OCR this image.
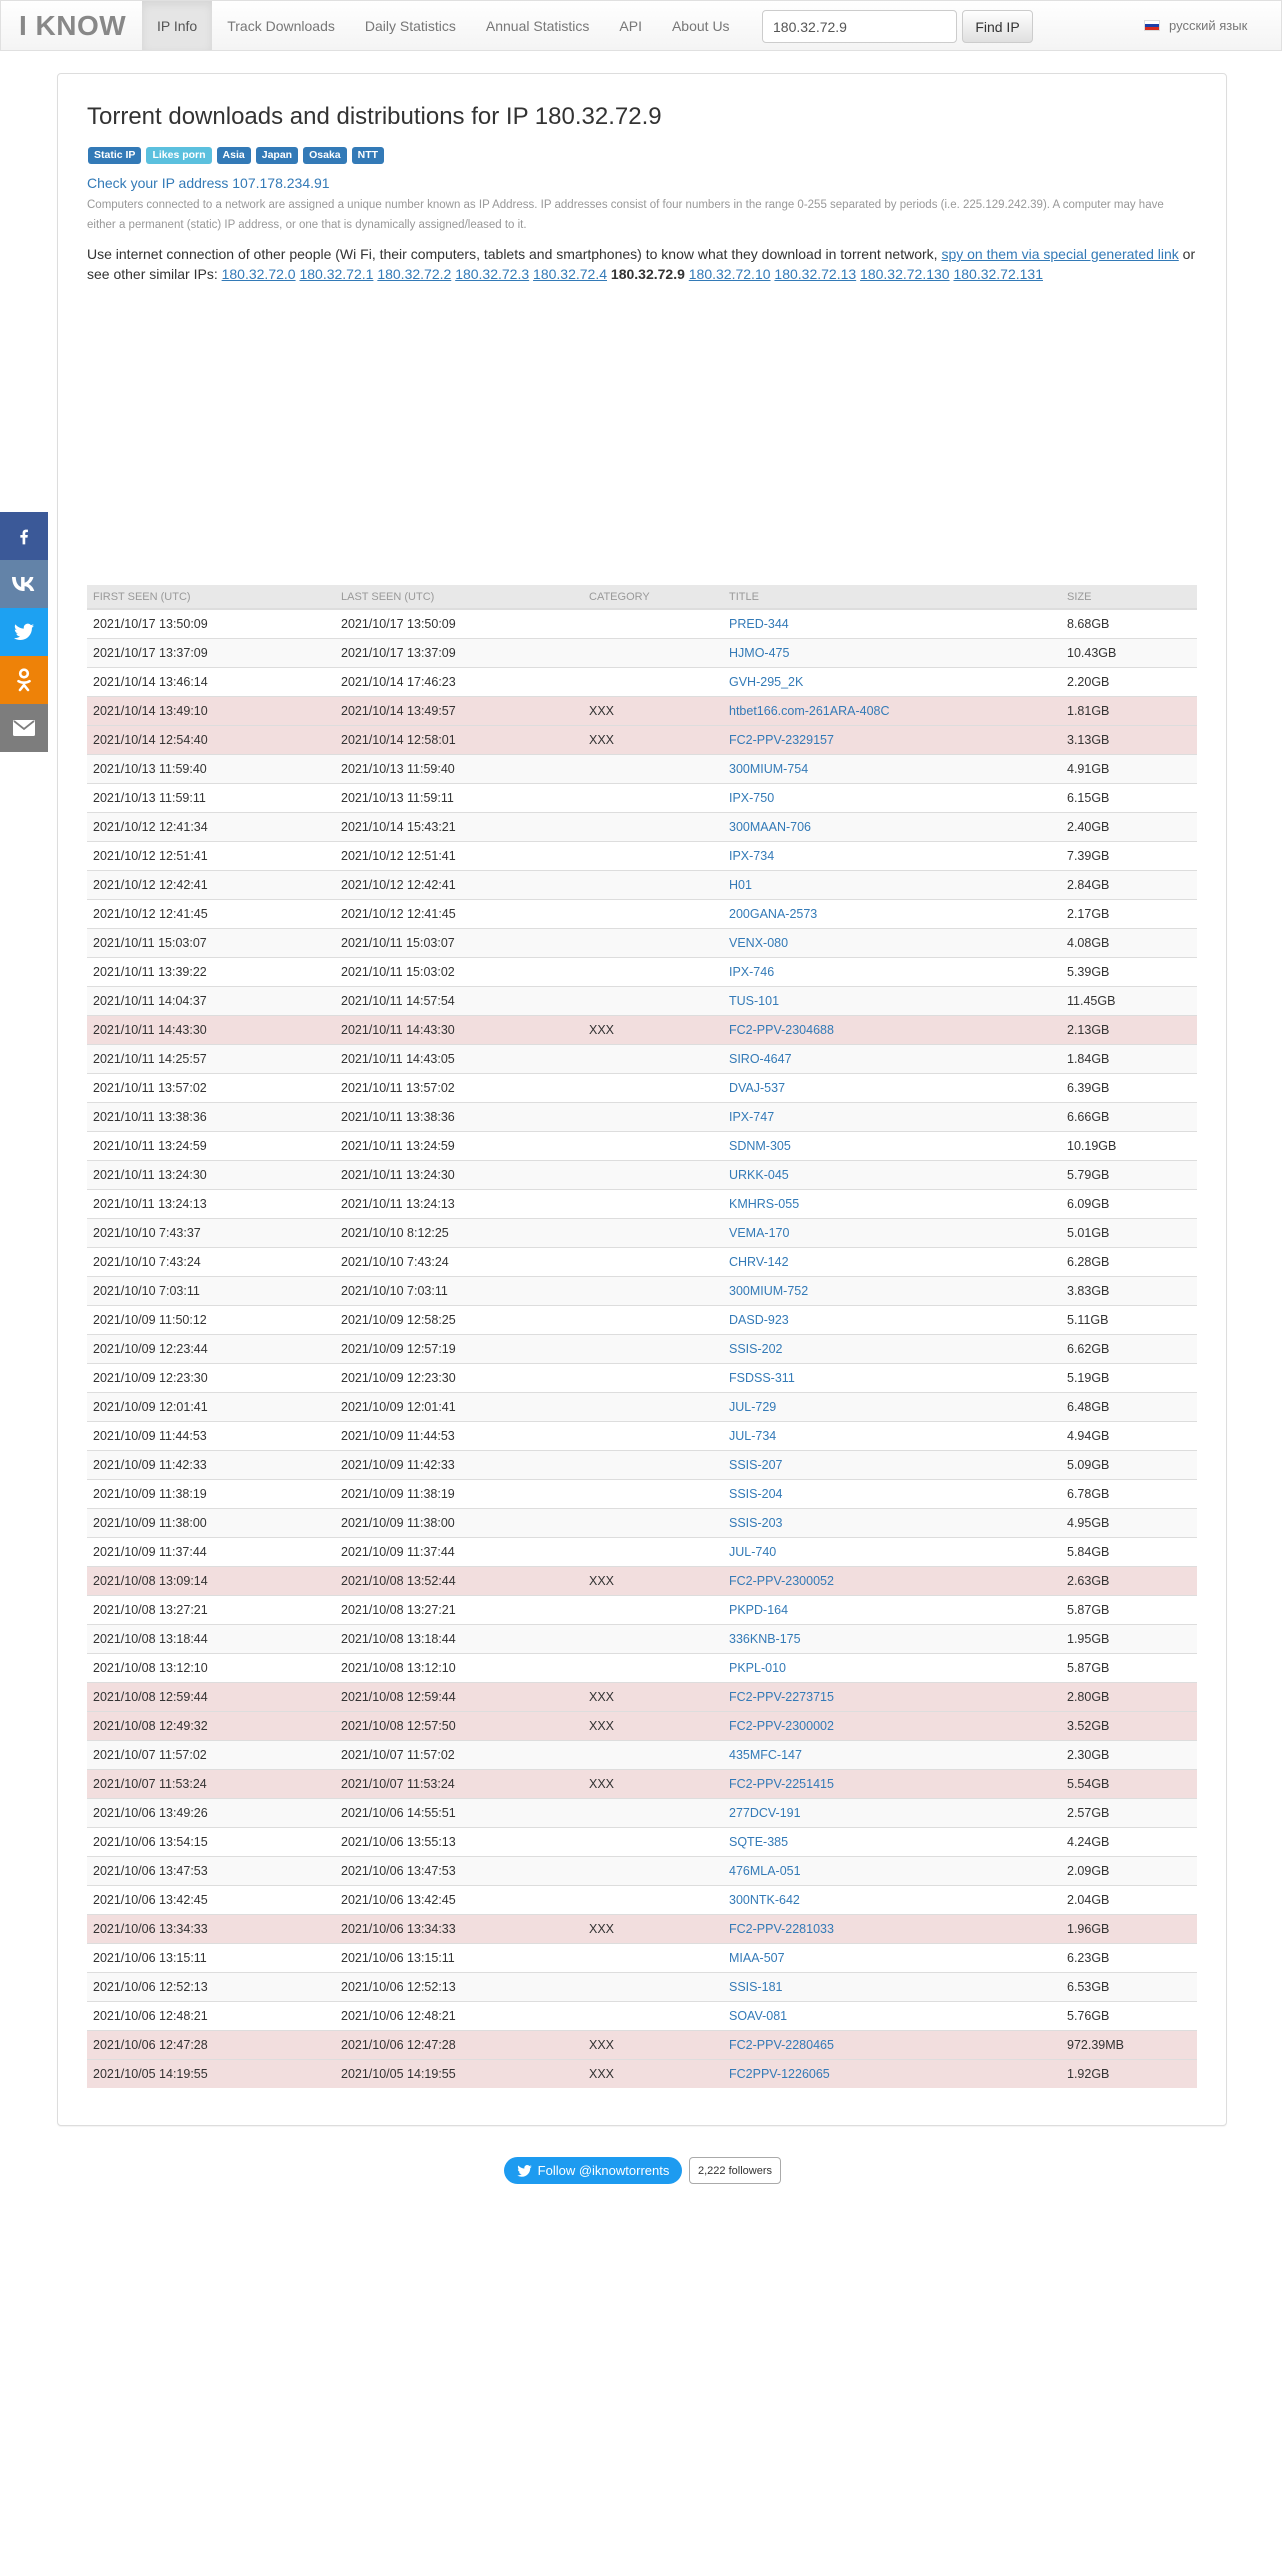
I KNOW	IP Info	Track Downloads	Daily Statistics	Annual Statistics	API	About Us
180.32.72.9	Find IP	русский язык
Torrent downloads and distributions for IP 180.32.72.9
Static IP	Likes porn	Asia	Japan	Osaka	NTT
Check your IP address 107.178.234.91
Computers connected to a network are assigned a unique number known as IP Address. IP addresses consist of four numbers in the range 0-255 separated by periods (i.e. 225.129.242.39). A computer may have either a permanent (static) IP address, or one that is dynamically assigned/leased to it.
Use internet connection of other people (Wi Fi, their computers, tablets and smartphones) to know what they download in torrent network, spy on them via special generated link or see other similar IPs: 180.32.72.0 180.32.72.1 180.32.72.2 180.32.72.3 180.32.72.4 180.32.72.9 180.32.72.10 180.32.72.13 180.32.72.130 180.32.72.131
FIRST SEEN (UTC)	LAST SEEN (UTC)	CATEGORY	TITLE	SIZE
2021/10/17 13:50:09	2021/10/17 13:50:09		PRED-344	8.68GB
2021/10/17 13:37:09	2021/10/17 13:37:09		HJMO-475	10.43GB
2021/10/14 13:46:14	2021/10/14 17:46:23		GVH-295_2K	2.20GB
2021/10/14 13:49:10	2021/10/14 13:49:57	XXX	htbet166.com-261ARA-408C	1.81GB
2021/10/14 12:54:40	2021/10/14 12:58:01	XXX	FC2-PPV-2329157	3.13GB
2021/10/13 11:59:40	2021/10/13 11:59:40		300MIUM-754	4.91GB
2021/10/13 11:59:11	2021/10/13 11:59:11		IPX-750	6.15GB
2021/10/12 12:41:34	2021/10/14 15:43:21		300MAAN-706	2.40GB
2021/10/12 12:51:41	2021/10/12 12:51:41		IPX-734	7.39GB
2021/10/12 12:42:41	2021/10/12 12:42:41		H01	2.84GB
2021/10/12 12:41:45	2021/10/12 12:41:45		200GANA-2573	2.17GB
2021/10/11 15:03:07	2021/10/11 15:03:07		VENX-080	4.08GB
2021/10/11 13:39:22	2021/10/11 15:03:02		IPX-746	5.39GB
2021/10/11 14:04:37	2021/10/11 14:57:54		TUS-101	11.45GB
2021/10/11 14:43:30	2021/10/11 14:43:30	XXX	FC2-PPV-2304688	2.13GB
2021/10/11 14:25:57	2021/10/11 14:43:05		SIRO-4647	1.84GB
2021/10/11 13:57:02	2021/10/11 13:57:02		DVAJ-537	6.39GB
2021/10/11 13:38:36	2021/10/11 13:38:36		IPX-747	6.66GB
2021/10/11 13:24:59	2021/10/11 13:24:59		SDNM-305	10.19GB
2021/10/11 13:24:30	2021/10/11 13:24:30		URKK-045	5.79GB
2021/10/11 13:24:13	2021/10/11 13:24:13		KMHRS-055	6.09GB
2021/10/10 7:43:37	2021/10/10 8:12:25		VEMA-170	5.01GB
2021/10/10 7:43:24	2021/10/10 7:43:24		CHRV-142	6.28GB
2021/10/10 7:03:11	2021/10/10 7:03:11		300MIUM-752	3.83GB
2021/10/09 11:50:12	2021/10/09 12:58:25		DASD-923	5.11GB
2021/10/09 12:23:44	2021/10/09 12:57:19		SSIS-202	6.62GB
2021/10/09 12:23:30	2021/10/09 12:23:30		FSDSS-311	5.19GB
2021/10/09 12:01:41	2021/10/09 12:01:41		JUL-729	6.48GB
2021/10/09 11:44:53	2021/10/09 11:44:53		JUL-734	4.94GB
2021/10/09 11:42:33	2021/10/09 11:42:33		SSIS-207	5.09GB
2021/10/09 11:38:19	2021/10/09 11:38:19		SSIS-204	6.78GB
2021/10/09 11:38:00	2021/10/09 11:38:00		SSIS-203	4.95GB
2021/10/09 11:37:44	2021/10/09 11:37:44		JUL-740	5.84GB
2021/10/08 13:09:14	2021/10/08 13:52:44	XXX	FC2-PPV-2300052	2.63GB
2021/10/08 13:27:21	2021/10/08 13:27:21		PKPD-164	5.87GB
2021/10/08 13:18:44	2021/10/08 13:18:44		336KNB-175	1.95GB
2021/10/08 13:12:10	2021/10/08 13:12:10		PKPL-010	5.87GB
2021/10/08 12:59:44	2021/10/08 12:59:44	XXX	FC2-PPV-2273715	2.80GB
2021/10/08 12:49:32	2021/10/08 12:57:50	XXX	FC2-PPV-2300002	3.52GB
2021/10/07 11:57:02	2021/10/07 11:57:02		435MFC-147	2.30GB
2021/10/07 11:53:24	2021/10/07 11:53:24	XXX	FC2-PPV-2251415	5.54GB
2021/10/06 13:49:26	2021/10/06 14:55:51		277DCV-191	2.57GB
2021/10/06 13:54:15	2021/10/06 13:55:13		SQTE-385	4.24GB
2021/10/06 13:47:53	2021/10/06 13:47:53		476MLA-051	2.09GB
2021/10/06 13:42:45	2021/10/06 13:42:45		300NTK-642	2.04GB
2021/10/06 13:34:33	2021/10/06 13:34:33	XXX	FC2-PPV-2281033	1.96GB
2021/10/06 13:15:11	2021/10/06 13:15:11		MIAA-507	6.23GB
2021/10/06 12:52:13	2021/10/06 12:52:13		SSIS-181	6.53GB
2021/10/06 12:48:21	2021/10/06 12:48:21		SOAV-081	5.76GB
2021/10/06 12:47:28	2021/10/06 12:47:28	XXX	FC2-PPV-2280465	972.39MB
2021/10/05 14:19:55	2021/10/05 14:19:55	XXX	FC2PPV-1226065	1.92GB
Follow @iknowtorrents	2,222 followers
